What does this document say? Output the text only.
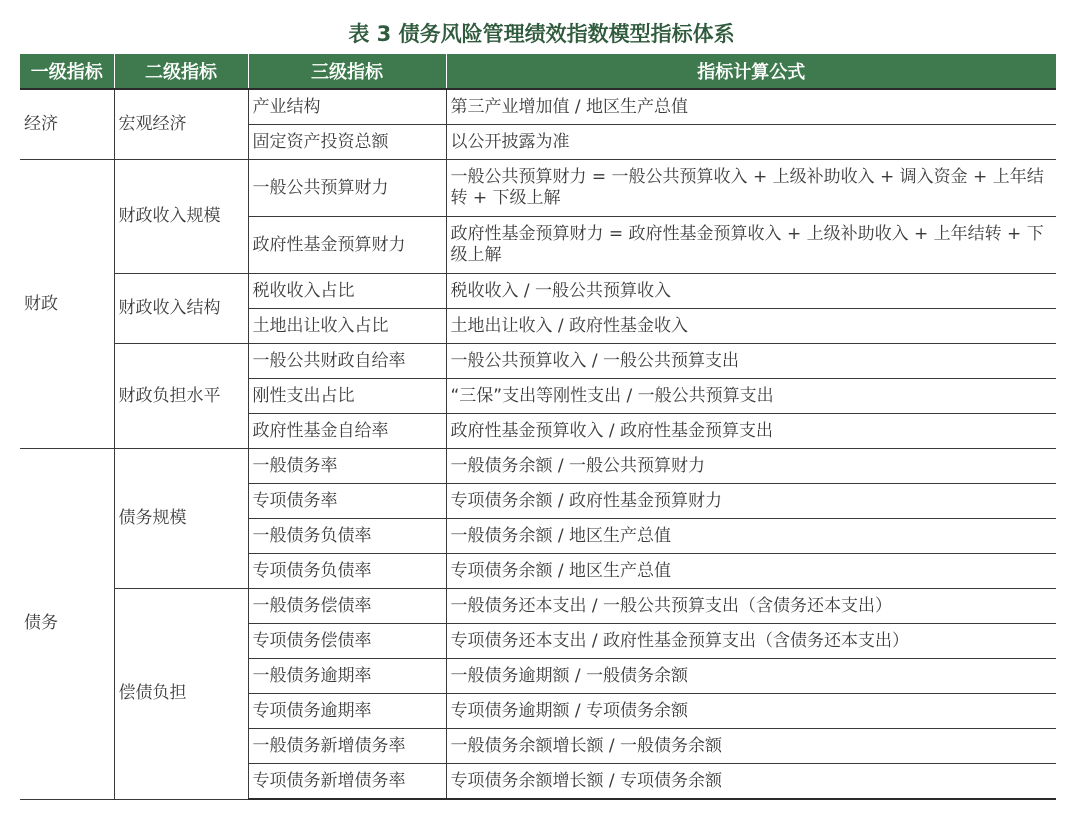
表 3 债务风险管理绩效指数模型指标体系
一级指标	二级指标	三级指标	指标计算公式
经济	宏观经济	产业结构	第三产业增加值 / 地区生产总值
		固定资产投资总额	以公开披露为准
财政	财政收入规模	一般公共预算财力	一般公共预算财力 = 一般公共预算收入 + 上级补助收入 + 调入资金 + 上年结转 + 下级上解
		政府性基金预算财力	政府性基金预算财力 = 政府性基金预算收入 + 上级补助收入 + 上年结转 + 下级上解
	财政收入结构	税收收入占比	税收收入 / 一般公共预算收入
		土地出让收入占比	土地出让收入 / 政府性基金收入
	财政负担水平	一般公共财政自给率	一般公共预算收入 / 一般公共预算支出
		刚性支出占比	“三保”支出等刚性支出 / 一般公共预算支出
		政府性基金自给率	政府性基金预算收入 / 政府性基金预算支出
债务	债务规模	一般债务率	一般债务余额 / 一般公共预算财力
		专项债务率	专项债务余额 / 政府性基金预算财力
		一般债务负债率	一般债务余额 / 地区生产总值
		专项债务负债率	专项债务余额 / 地区生产总值
	偿债负担	一般债务偿债率	一般债务还本支出 / 一般公共预算支出（含债务还本支出）
		专项债务偿债率	专项债务还本支出 / 政府性基金预算支出（含债务还本支出）
		一般债务逾期率	一般债务逾期额 / 一般债务余额
		专项债务逾期率	专项债务逾期额 / 专项债务余额
		一般债务新增债务率	一般债务余额增长额 / 一般债务余额
		专项债务新增债务率	专项债务余额增长额 / 专项债务余额
